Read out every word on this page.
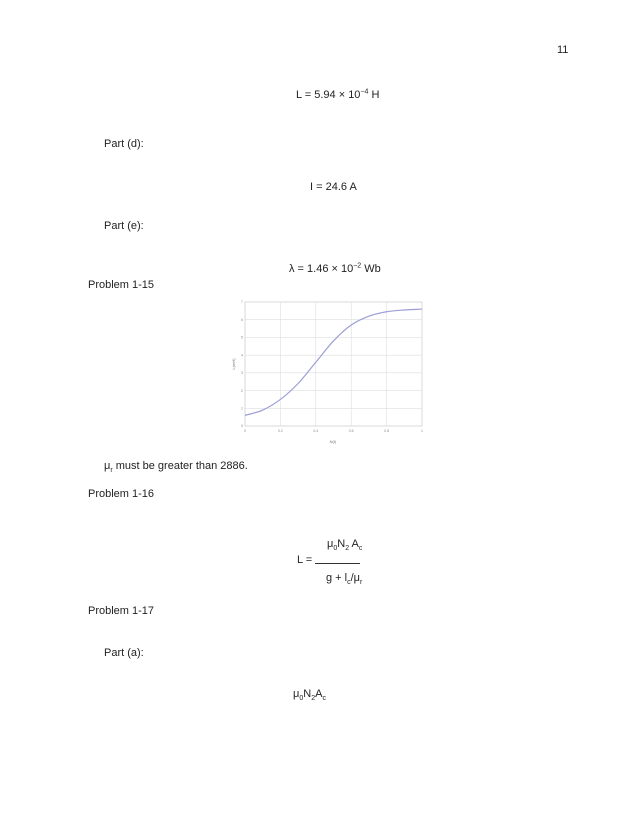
11
$L = 5.94 \times 10^{-4}$ H
Part (d):
I = 24.6 A
Part (e):
$\lambda = 1.46 \times 10^{-2}$ Wb
Problem 1-15
0	0.2	0.4	0.6	0.8	1
0
1
2
3
4
5
6
7
N(t)
L(mH)
$\mu_r$ must be greater than 2886.
Problem 1-16
$\mu_0N_2$ $A_c$
L =
$g + l_c/\mu_r$
Problem 1-17
Part (a):
$\mu_0N_2A_c$
